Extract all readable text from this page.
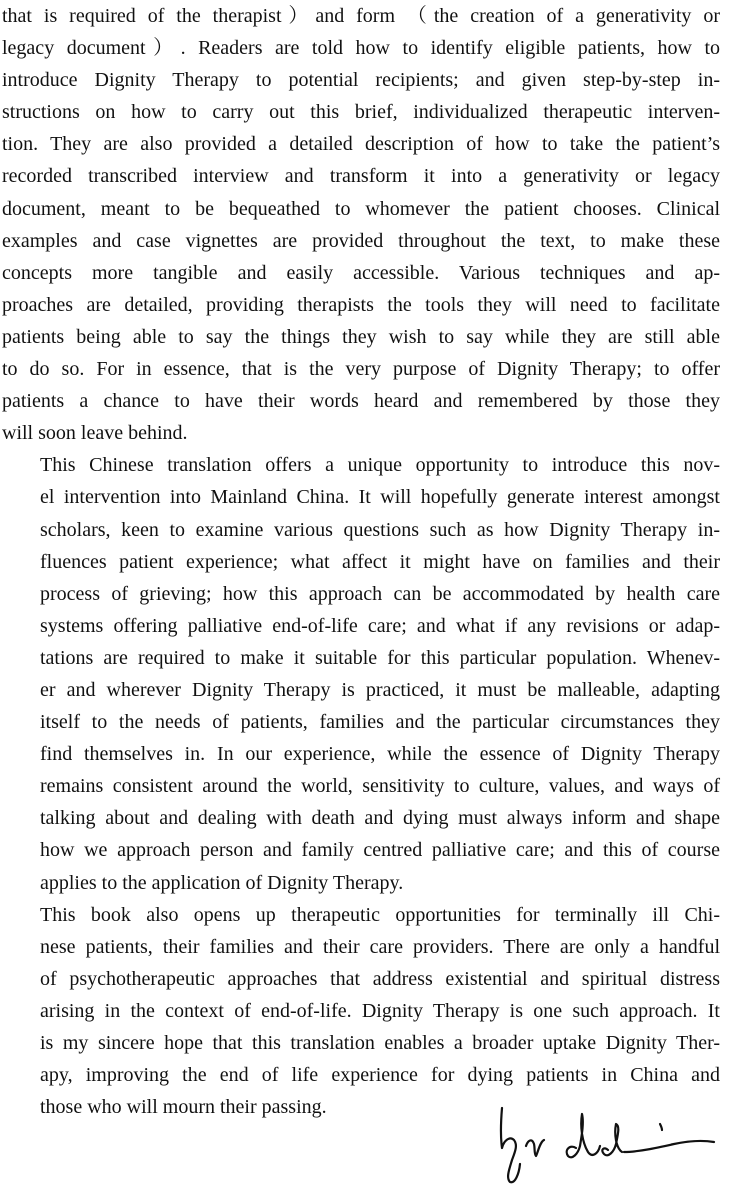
that is required of the therapist）and form （the creation of a generativity or
legacy document）. Readers are told how to identify eligible patients, how to
introduce Dignity Therapy to potential recipients; and given step-by-step in-
structions on how to carry out this brief, individualized therapeutic interven-
tion. They are also provided a detailed description of how to take the patient’s
recorded transcribed interview and transform it into a generativity or legacy
document, meant to be bequeathed to whomever the patient chooses. Clinical
examples and case vignettes are provided throughout the text, to make these
concepts more tangible and easily accessible. Various techniques and ap-
proaches are detailed, providing therapists the tools they will need to facilitate
patients being able to say the things they wish to say while they are still able
to do so. For in essence, that is the very purpose of Dignity Therapy; to offer
patients a chance to have their words heard and remembered by those they
will soon leave behind.

This Chinese translation offers a unique opportunity to introduce this nov-
el intervention into Mainland China. It will hopefully generate interest amongst
scholars, keen to examine various questions such as how Dignity Therapy in-
fluences patient experience; what affect it might have on families and their
process of grieving; how this approach can be accommodated by health care
systems offering palliative end-of-life care; and what if any revisions or adap-
tations are required to make it suitable for this particular population. Whenev-
er and wherever Dignity Therapy is practiced, it must be malleable, adapting
itself to the needs of patients, families and the particular circumstances they
find themselves in. In our experience, while the essence of Dignity Therapy
remains consistent around the world, sensitivity to culture, values, and ways of
talking about and dealing with death and dying must always inform and shape
how we approach person and family centred palliative care; and this of course
applies to the application of Dignity Therapy.

This book also opens up therapeutic opportunities for terminally ill Chi-
nese patients, their families and their care providers. There are only a handful
of psychotherapeutic approaches that address existential and spiritual distress
arising in the context of end-of-life. Dignity Therapy is one such approach. It
is my sincere hope that this translation enables a broader uptake Dignity Ther-
apy, improving the end of life experience for dying patients in China and
those who will mourn their passing.
